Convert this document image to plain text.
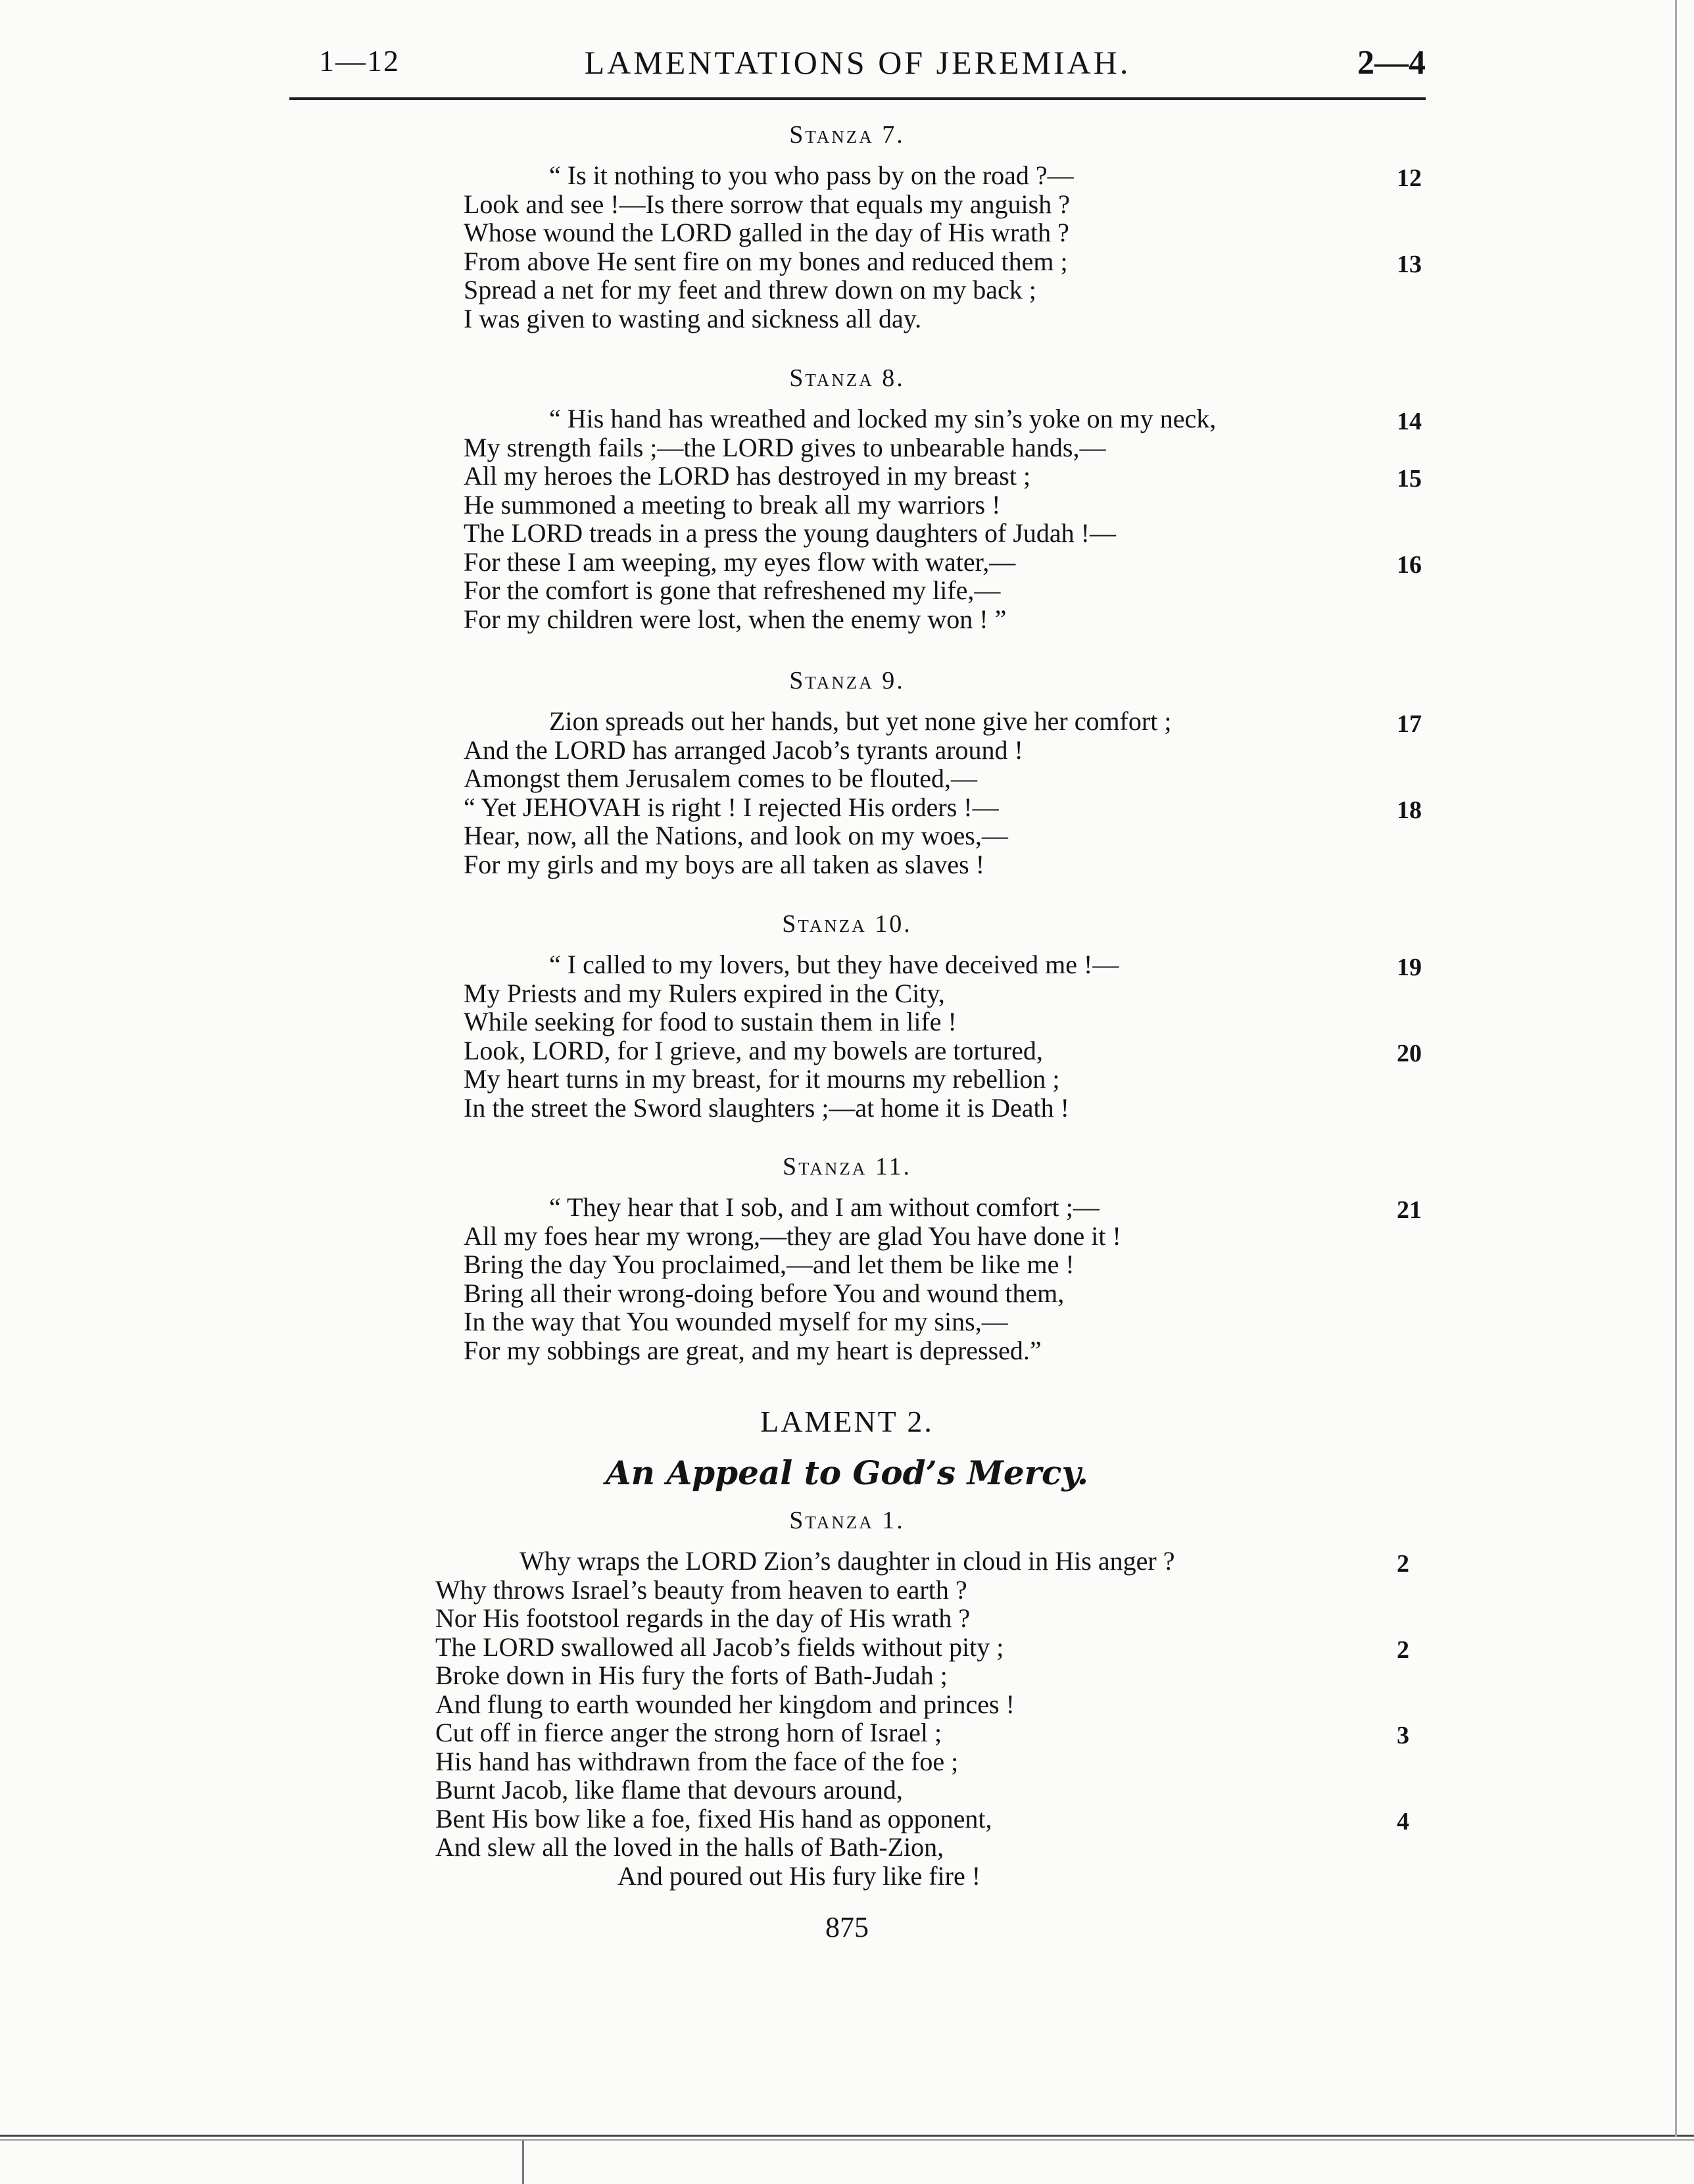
1—12	LAMENTATIONS OF JEREMIAH.	2—4
Stanza 7.
“ Is it nothing to you who pass by on the road ?—	12
Look and see !—Is there sorrow that equals my anguish ?
Whose wound the LORD galled in the day of His wrath ?
From above He sent fire on my bones and reduced them ;	13
Spread a net for my feet and threw down on my back ;
I was given to wasting and sickness all day.
Stanza 8.
“ His hand has wreathed and locked my sin’s yoke on my neck,	14
My strength fails ;—the LORD gives to unbearable hands,—
All my heroes the LORD has destroyed in my breast ;	15
He summoned a meeting to break all my warriors !
The LORD treads in a press the young daughters of Judah !—
For these I am weeping, my eyes flow with water,—	16
For the comfort is gone that refreshened my life,—
For my children were lost, when the enemy won ! ”
Stanza 9.
Zion spreads out her hands, but yet none give her comfort ;	17
And the LORD has arranged Jacob’s tyrants around !
Amongst them Jerusalem comes to be flouted,—
“ Yet JEHOVAH is right ! I rejected His orders !—	18
Hear, now, all the Nations, and look on my woes,—
For my girls and my boys are all taken as slaves !
Stanza 10.
“ I called to my lovers, but they have deceived me !—	19
My Priests and my Rulers expired in the City,
While seeking for food to sustain them in life !
Look, LORD, for I grieve, and my bowels are tortured,	20
My heart turns in my breast, for it mourns my rebellion ;
In the street the Sword slaughters ;—at home it is Death !
Stanza 11.
“ They hear that I sob, and I am without comfort ;—	21
All my foes hear my wrong,—they are glad You have done it !
Bring the day You proclaimed,—and let them be like me !
Bring all their wrong-doing before You and wound them,
In the way that You wounded myself for my sins,—
For my sobbings are great, and my heart is depressed.”
LAMENT 2.
An Appeal to God’s Mercy.
Stanza 1.
Why wraps the LORD Zion’s daughter in cloud in His anger ?	2
Why throws Israel’s beauty from heaven to earth ?
Nor His footstool regards in the day of His wrath ?
The LORD swallowed all Jacob’s fields without pity ;	2
Broke down in His fury the forts of Bath-Judah ;
And flung to earth wounded her kingdom and princes !
Cut off in fierce anger the strong horn of Israel ;	3
His hand has withdrawn from the face of the foe ;
Burnt Jacob, like flame that devours around,
Bent His bow like a foe, fixed His hand as opponent,	4
And slew all the loved in the halls of Bath-Zion,
And poured out His fury like fire !
875
